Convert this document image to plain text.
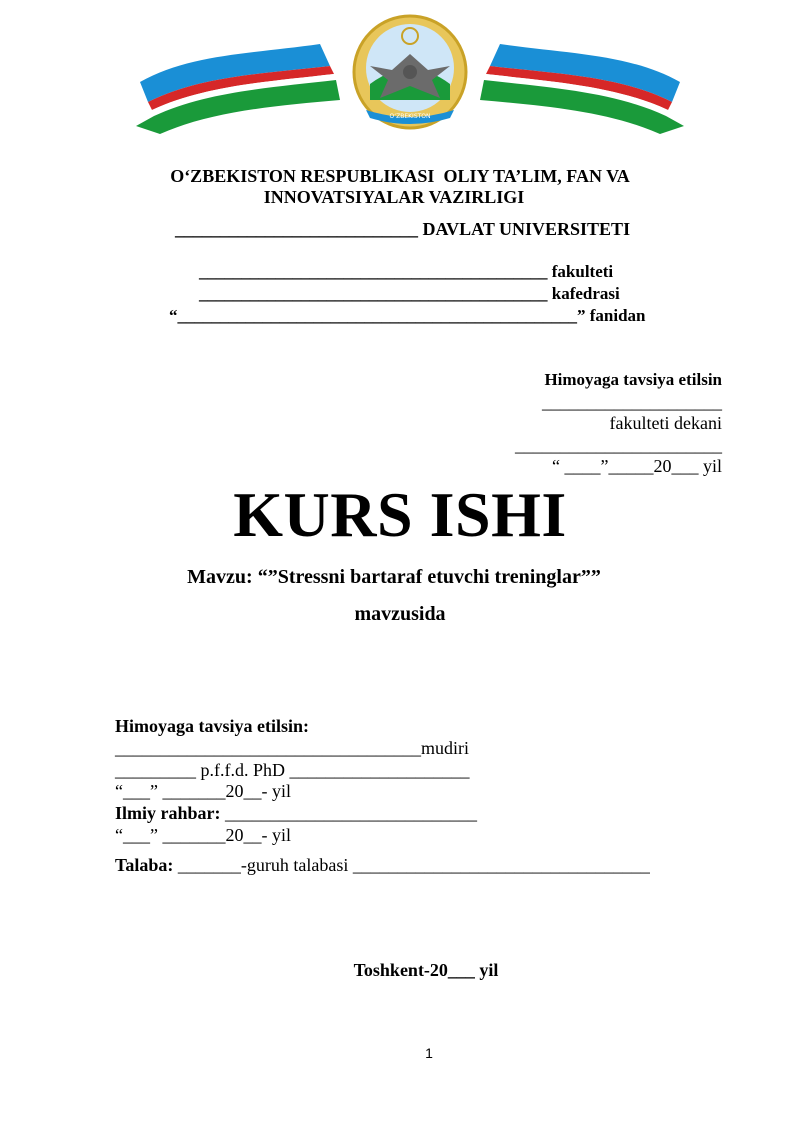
O‘ZBEKISTON
O‘ZBEKISTON RESPUBLIKASI  OLIY TA’LIM, FAN VA
INNOVATSIYALAR VAZIRLIGI
___________________________ DAVLAT UNIVERSITETI
_________________________________________ fakulteti
_________________________________________ kafedrasi
“_______________________________________________” fanidan
Himoyaga tavsiya etilsin
____________________
fakulteti dekani
_______________________
“ ____”_____20___ yil
KURS ISHI
Mavzu: “”Stressni bartaraf etuvchi treninglar””
mavzusida
Himoyaga tavsiya etilsin:
__________________________________mudiri
_________ p.f.f.d. PhD ____________________
“___” _______20__- yil
Ilmiy rahbar: ____________________________
“___” _______20__- yil
Talaba: _______-guruh talabasi _________________________________
Toshkent-20___ yil
1
